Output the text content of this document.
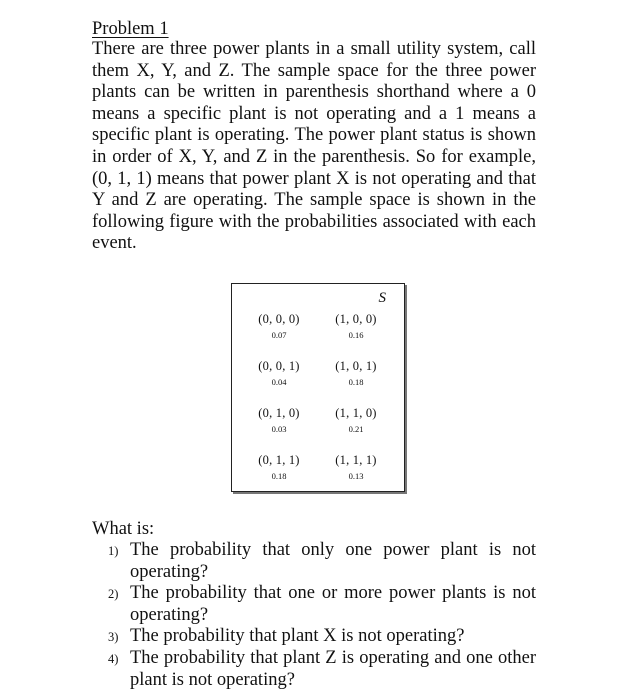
Problem 1

There are three power plants in a small utility system, call them X, Y, and Z. The sample space for the three power plants can be written in parenthesis shorthand where a 0 means a specific plant is not operating and a 1 means a specific plant is operating. The power plant status is shown in order of X, Y, and Z in the parenthesis. So for example, (0, 1, 1) means that power plant X is not operating and that Y and Z are operating. The sample space is shown in the following figure with the probabilities associated with each event.

S
(0, 0, 0)
0.07
(1, 0, 0)
0.16
(0, 0, 1)
0.04
(1, 0, 1)
0.18
(0, 1, 0)
0.03
(1, 1, 0)
0.21
(0, 1, 1)
0.18
(1, 1, 1)
0.13
What is:
1) The probability that only one power plant is not operating?
2) The probability that one or more power plants is not operating?
3) The probability that plant X is not operating?
4) The probability that plant Z is operating and one other plant is not operating?
